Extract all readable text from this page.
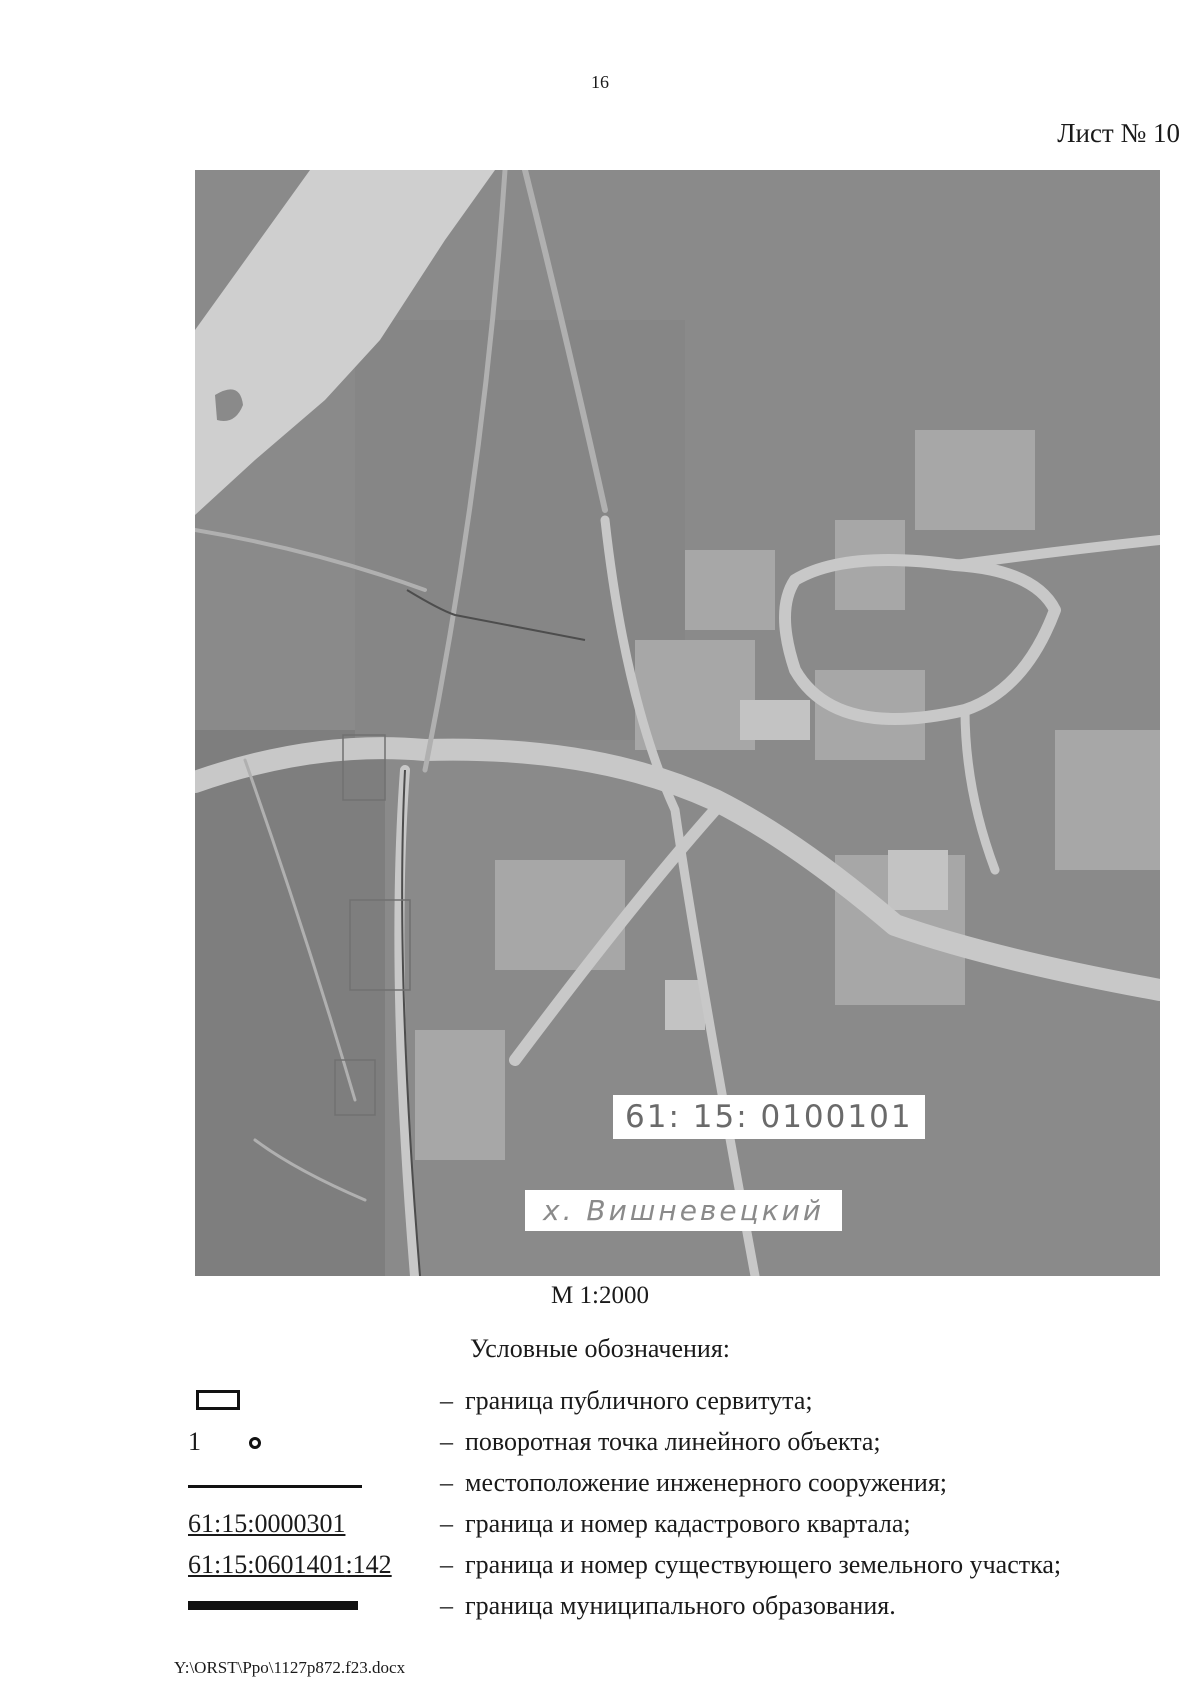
16
Лист № 10
61: 15: 0100101
х. Вишневецкий
М 1:2000
Условные обозначения:
– граница публичного сервитута;
1	– поворотная точка линейного объекта;
– местоположение инженерного сооружения;
61:15:0000301	– граница и номер кадастрового квартала;
61:15:0601401:142 – граница и номер существующего земельного участка;
– граница муниципального образования.
Y:\ORST\Ppo\1127p872.f23.docx
